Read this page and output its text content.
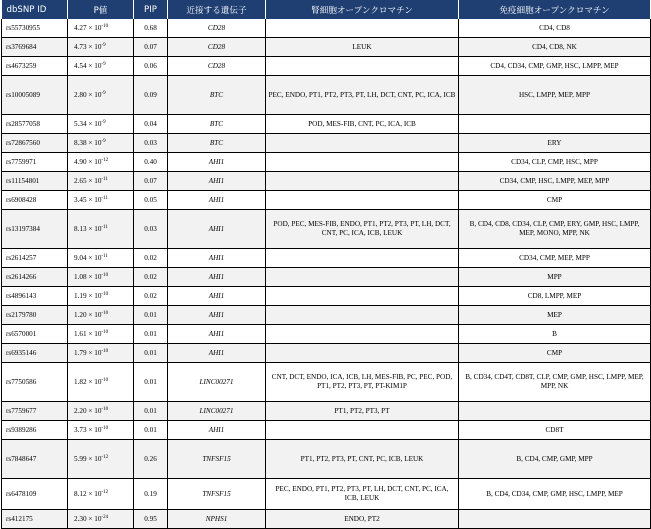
dbSNP ID	P値	PIP	近接する遺伝子	腎細胞オープンクロマチン	免疫細胞オープンクロマチン
rs55730955	$4.27 \times 10^{-10}$	0.68	CD28		CD4, CD8
rs3769684	$4.73 \times 10^{-9}$	0.07	CD28	LEUK	CD4, CD8, NK
rs4673259	$4.54 \times 10^{-9}$	0.06	CD28		CD4, CD34, CMP, GMP, HSC, LMPP, MEP
rs10005089	$2.80 \times 10^{-9}$	0.09	BTC	PEC, ENDO, PT1, PT2, PT3, PT, LH, DCT, CNT, PC, ICA, ICB	HSC, LMPP, MEP, MPP
rs28577058	$5.34 \times 10^{-9}$	0.04	BTC	POD, MES-FIB, CNT, PC, ICA, ICB	
rs72867560	$8.38 \times 10^{-9}$	0.03	BTC		ERY
rs7759971	$4.90 \times 10^{-12}$	0.40	AHI1		CD34, CLP, CMP, HSC, MPP
rs11154801	$2.65 \times 10^{-11}$	0.07	AHI1		CD34, CMP, HSC, LMPP, MEP, MPP
rs6908428	$3.45 \times 10^{-11}$	0.05	AHI1		CMP
rs13197384	$8.13 \times 10^{-11}$	0.03	AHI1	POD, PEC, MES-FIB, ENDO, PT1, PT2, PT3, PT, LH, DCT, CNT, PC, ICA, ICB, LEUK	B, CD4, CD8, CD34, CLP, CMP, ERY, GMP, HSC, LMPP, MEP, MONO, MPP, NK
rs2614257	$9.04 \times 10^{-11}$	0.02	AHI1		CD34, CMP, MEP, MPP
rs2614266	$1.08 \times 10^{-10}$	0.02	AHI1		MPP
rs4896143	$1.19 \times 10^{-10}$	0.02	AHI1		CD8, LMPP, MEP
rs2179780	$1.20 \times 10^{-10}$	0.01	AHI1		MEP
rs6570001	$1.61 \times 10^{-10}$	0.01	AHI1		B
rs6935146	$1.79 \times 10^{-10}$	0.01	AHI1		CMP
rs7750586	$1.82 \times 10^{-10}$	0.01	LINC00271	CNT, DCT, ENDO, ICA, ICB, LH, MES-FIB, PC, PEC, POD, PT1, PT2, PT3, PT, PT-KIM1P	B, CD34, CD4T, CD8T, CLP, CMP, GMP, HSC, LMPP, MEP, MPP, NK
rs7759677	$2.20 \times 10^{-10}$	0.01	LINC00271	PT1, PT2, PT3, PT	
rs9389286	$3.73 \times 10^{-10}$	0.01	AHI1		CD8T
rs7848647	$5.99 \times 10^{-12}$	0.26	TNFSF15	PT1, PT2, PT3, PT, CNT, PC, ICB, LEUK	B, CD4, CMP, GMP, MPP
rs6478109	$8.12 \times 10^{-12}$	0.19	TNFSF15	PEC, ENDO, PT1, PT2, PT3, PT, LH, DCT, CNT, PC, ICA, ICB, LEUK	B, CD4, CD34, CMP, GMP, HSC, LMPP, MEP
rs412175	$2.30 \times 10^{-24}$	0.95	NPHS1	ENDO, PT2	
